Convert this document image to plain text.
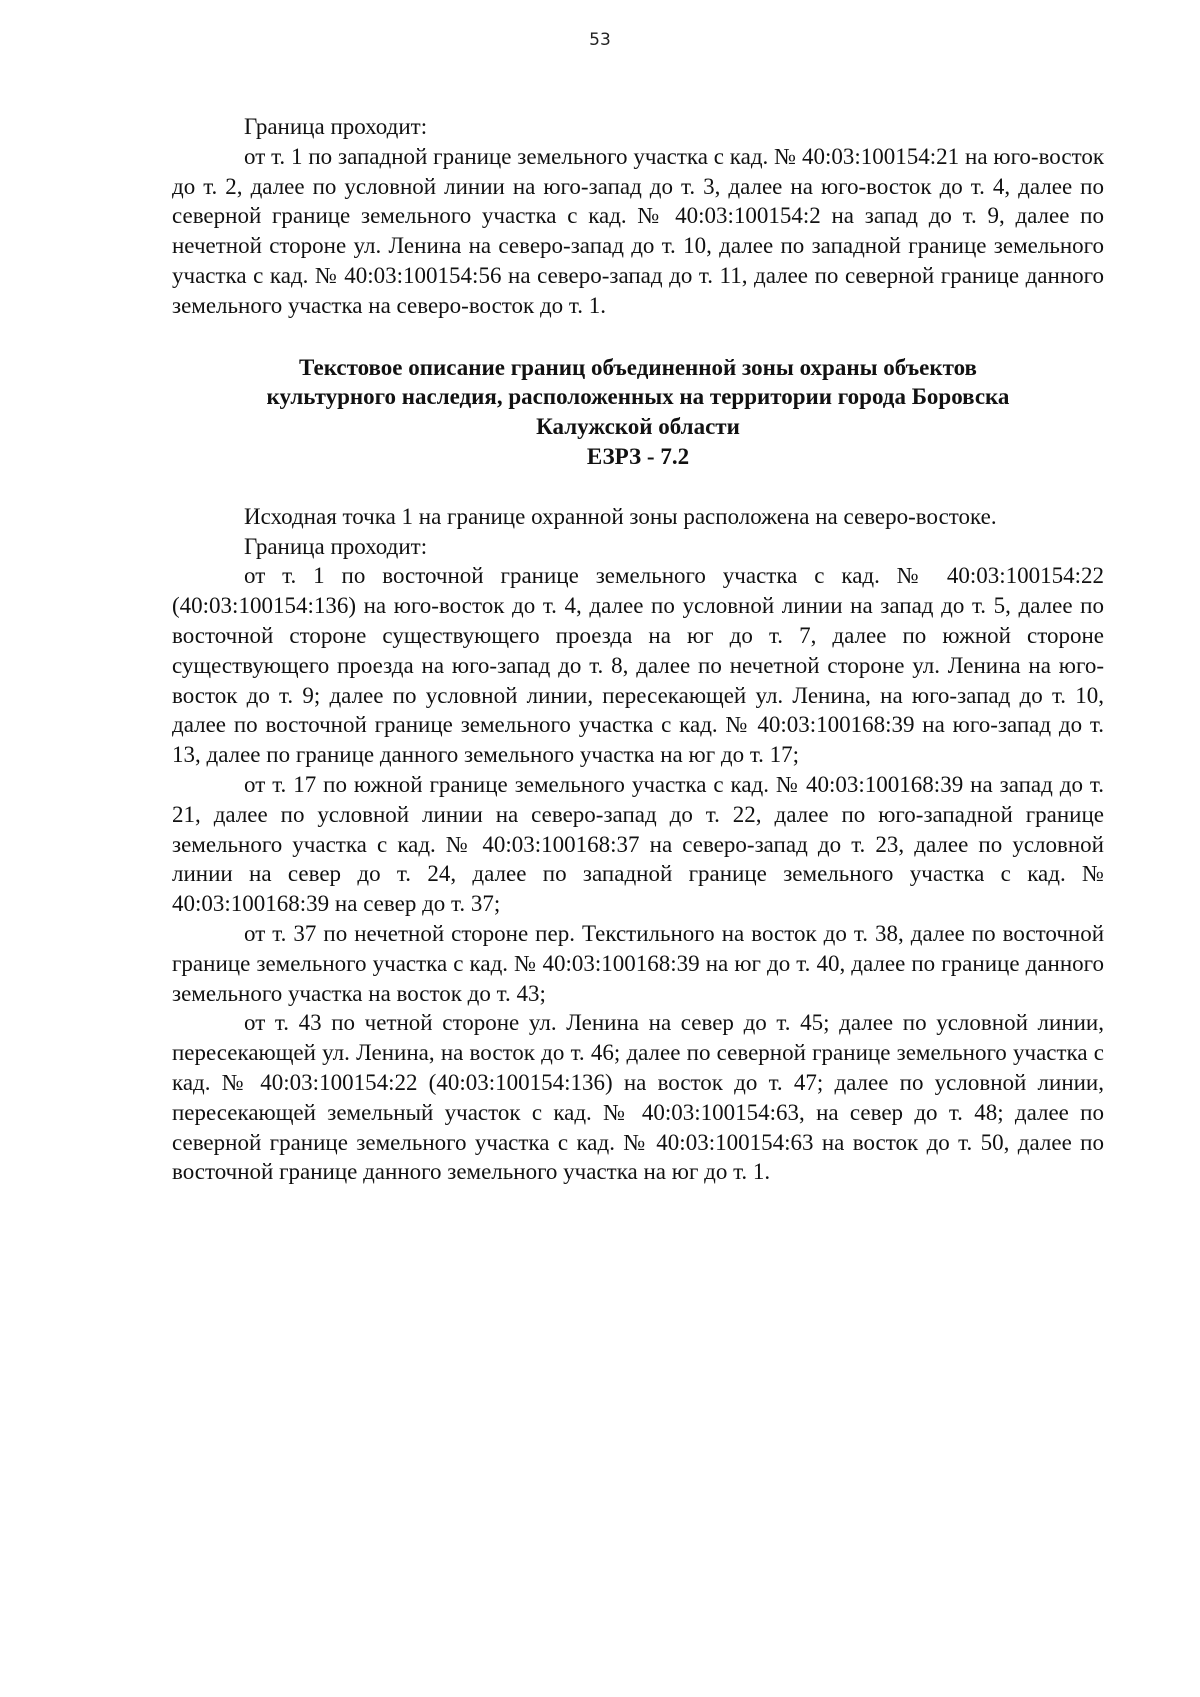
53

Граница проходит:

от т. 1 по западной границе земельного участка с кад. № 40:03:100154:21 на юго-восток до т. 2, далее по условной линии на юго-запад до т. 3, далее на юго-восток до т. 4, далее по северной границе земельного участка с кад. № 40:03:100154:2 на запад до т. 9, далее по нечетной стороне ул. Ленина на северо-запад до т. 10, далее по западной границе земельного участка с кад. № 40:03:100154:56 на северо-запад до т. 11, далее по северной границе данного земельного участка на северо-восток до т. 1.

Текстовое описание границ объединенной зоны охраны объектов
культурного наследия, расположенных на территории города Боровска
Калужской области
ЕЗРЗ - 7.2

Исходная точка 1 на границе охранной зоны расположена на северо-востоке.

Граница проходит:

от т. 1 по восточной границе земельного участка с кад. № 40:03:100154:22 (40:03:100154:136) на юго-восток до т. 4, далее по условной линии на запад до т. 5, далее по восточной стороне существующего проезда на юг до т. 7, далее по южной стороне существующего проезда на юго-запад до т. 8, далее по нечетной стороне ул. Ленина на юго-восток до т. 9; далее по условной линии, пересекающей ул. Ленина, на юго-запад до т. 10, далее по восточной границе земельного участка с кад. № 40:03:100168:39 на юго-запад до т. 13, далее по границе данного земельного участка на юг до т. 17;

от т. 17 по южной границе земельного участка с кад. № 40:03:100168:39 на запад до т. 21, далее по условной линии на северо-запад до т. 22, далее по юго-западной границе земельного участка с кад. № 40:03:100168:37 на северо-запад до т. 23, далее по условной линии на север до т. 24, далее по западной границе земельного участка с кад. № 40:03:100168:39 на север до т. 37;

от т. 37 по нечетной стороне пер. Текстильного на восток до т. 38, далее по восточной границе земельного участка с кад. № 40:03:100168:39 на юг до т. 40, далее по границе данного земельного участка на восток до т. 43;

от т. 43 по четной стороне ул. Ленина на север до т. 45; далее по условной линии, пересекающей ул. Ленина, на восток до т. 46; далее по северной границе земельного участка с кад. № 40:03:100154:22 (40:03:100154:136) на восток до т. 47; далее по условной линии, пересекающей земельный участок с кад. № 40:03:100154:63, на север до т. 48; далее по северной границе земельного участка с кад. № 40:03:100154:63 на восток до т. 50, далее по восточной границе данного земельного участка на юг до т. 1.
